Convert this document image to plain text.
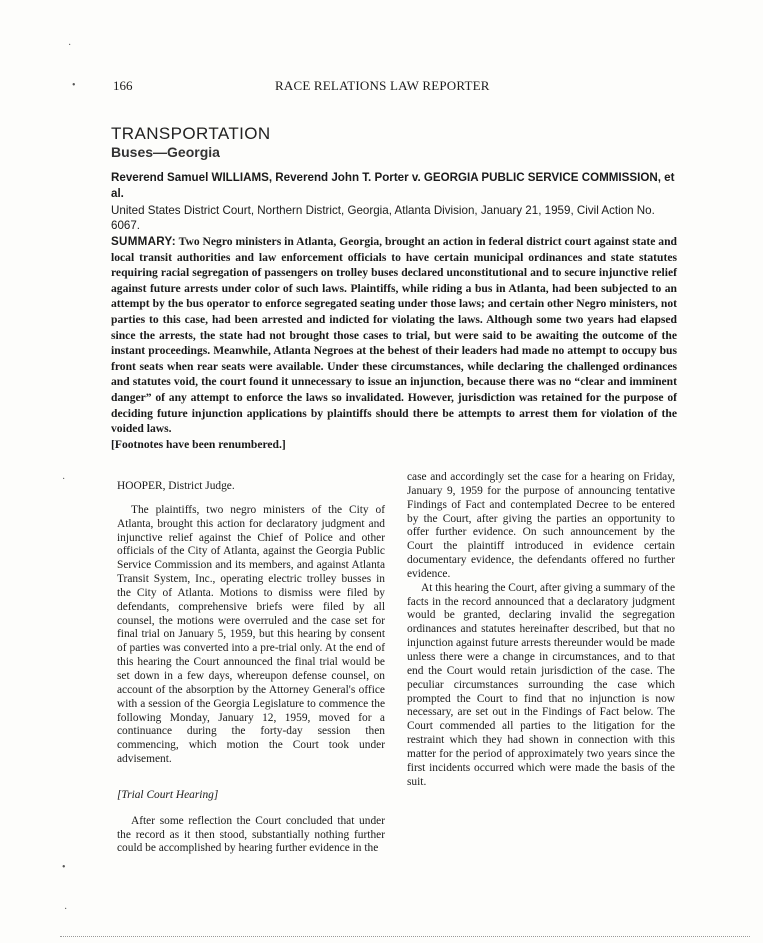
166	RACE RELATIONS LAW REPORTER
TRANSPORTATION
Buses—Georgia
Reverend Samuel WILLIAMS, Reverend John T. Porter v. GEORGIA PUBLIC SERVICE COMMISSION, et al.
United States District Court, Northern District, Georgia, Atlanta Division, January 21, 1959, Civil Action No. 6067.
SUMMARY: Two Negro ministers in Atlanta, Georgia, brought an action in federal district court against state and local transit authorities and law enforcement officials to have certain municipal ordinances and state statutes requiring racial segregation of passengers on trolley buses declared unconstitutional and to secure injunctive relief against future arrests under color of such laws. Plaintiffs, while riding a bus in Atlanta, had been subjected to an attempt by the bus operator to enforce segregated seating under those laws; and certain other Negro ministers, not parties to this case, had been arrested and indicted for violating the laws. Although some two years had elapsed since the arrests, the state had not brought those cases to trial, but were said to be awaiting the outcome of the instant proceedings. Meanwhile, Atlanta Negroes at the behest of their leaders had made no attempt to occupy bus front seats when rear seats were available. Under these circumstances, while declaring the challenged ordinances and statutes void, the court found it unnecessary to issue an injunction, because there was no “clear and imminent danger” of any attempt to enforce the laws so invalidated. However, jurisdiction was retained for the purpose of deciding future injunction applications by plaintiffs should there be attempts to arrest them for violation of the voided laws.
[Footnotes have been renumbered.]

HOOPER, District Judge.

The plaintiffs, two negro ministers of the City of Atlanta, brought this action for declaratory judgment and injunctive relief against the Chief of Police and other officials of the City of Atlanta, against the Georgia Public Service Commission and its members, and against Atlanta Transit System, Inc., operating electric trolley busses in the City of Atlanta. Motions to dismiss were filed by defendants, comprehensive briefs were filed by all counsel, the motions were overruled and the case set for final trial on January 5, 1959, but this hearing by consent of parties was converted into a pre-trial only. At the end of this hearing the Court announced the final trial would be set down in a few days, whereupon defense counsel, on account of the absorption by the Attorney General's office with a session of the Georgia Legislature to commence the following Monday, January 12, 1959, moved for a continuance during the forty-day session then commencing, which motion the Court took under advisement.

[Trial Court Hearing]

After some reflection the Court concluded that under the record as it then stood, substantially nothing further could be accomplished by hearing further evidence in the

case and accordingly set the case for a hearing on Friday, January 9, 1959 for the purpose of announcing tentative Findings of Fact and contemplated Decree to be entered by the Court, after giving the parties an opportunity to offer further evidence. On such announcement by the Court the plaintiff introduced in evidence certain documentary evidence, the defendants offered no further evidence.

At this hearing the Court, after giving a summary of the facts in the record announced that a declaratory judgment would be granted, declaring invalid the segregation ordinances and statutes hereinafter described, but that no injunction against future arrests thereunder would be made unless there were a change in circumstances, and to that end the Court would retain jurisdiction of the case. The peculiar circumstances surrounding the case which prompted the Court to find that no injunction is now necessary, are set out in the Findings of Fact below. The Court commended all parties to the litigation for the restraint which they had shown in connection with this matter for the period of approximately two years since the first incidents occurred which were made the basis of the suit.

·
•
·
•
·
